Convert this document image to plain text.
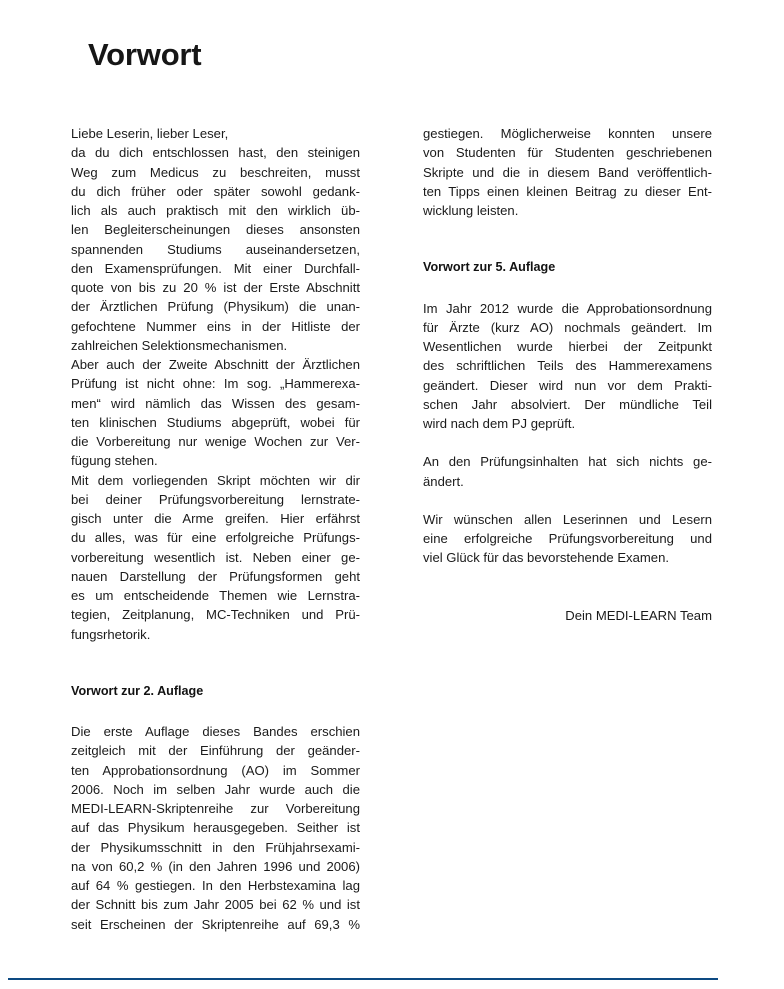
Vorwort
Liebe Leserin, lieber Leser,
da du dich entschlossen hast, den steinigen
Weg zum Medicus zu beschreiten, musst
du dich früher oder später sowohl gedank-
lich als auch praktisch mit den wirklich üb-
len Begleiterscheinungen dieses ansonsten
spannenden Studiums auseinandersetzen,
den Examensprüfungen. Mit einer Durchfall-
quote von bis zu 20 % ist der Erste Abschnitt
der Ärztlichen Prüfung (Physikum) die unan-
gefochtene Nummer eins in der Hitliste der
zahlreichen Selektionsmechanismen.
Aber auch der Zweite Abschnitt der Ärztlichen
Prüfung ist nicht ohne: Im sog. „Hammerexa-
men“ wird nämlich das Wissen des gesam-
ten klinischen Studiums abgeprüft, wobei für
die Vorbereitung nur wenige Wochen zur Ver-
fügung stehen.
Mit dem vorliegenden Skript möchten wir dir
bei deiner Prüfungsvorbereitung lernstrate-
gisch unter die Arme greifen. Hier erfährst
du alles, was für eine erfolgreiche Prüfungs-
vorbereitung wesentlich ist. Neben einer ge-
nauen Darstellung der Prüfungsformen geht
es um entscheidende Themen wie Lernstra-
tegien, Zeitplanung, MC-Techniken und Prü-
fungsrhetorik.
Vorwort zur 2. Auflage
Die erste Auflage dieses Bandes erschien
zeitgleich mit der Einführung der geänder-
ten Approbationsordnung (AO) im Sommer
2006. Noch im selben Jahr wurde auch die
MEDI-LEARN-Skriptenreihe zur Vorbereitung
auf das Physikum herausgegeben. Seither ist
der Physikumsschnitt in den Frühjahrsexami-
na von 60,2 % (in den Jahren 1996 und 2006)
auf 64 % gestiegen. In den Herbstexamina lag
der Schnitt bis zum Jahr 2005 bei 62 % und ist
seit Erscheinen der Skriptenreihe auf 69,3 %
gestiegen. Möglicherweise konnten unsere
von Studenten für Studenten geschriebenen
Skripte und die in diesem Band veröffentlich-
ten Tipps einen kleinen Beitrag zu dieser Ent-
wicklung leisten.
Vorwort zur 5. Auflage
Im Jahr 2012 wurde die Approbationsordnung
für Ärzte (kurz AO) nochmals geändert. Im
Wesentlichen wurde hierbei der Zeitpunkt
des schriftlichen Teils des Hammerexamens
geändert. Dieser wird nun vor dem Prakti-
schen Jahr absolviert. Der mündliche Teil
wird nach dem PJ geprüft.
An den Prüfungsinhalten hat sich nichts ge-
ändert.
Wir wünschen allen Leserinnen und Lesern
eine erfolgreiche Prüfungsvorbereitung und
viel Glück für das bevorstehende Examen.
Dein MEDI-LEARN Team
